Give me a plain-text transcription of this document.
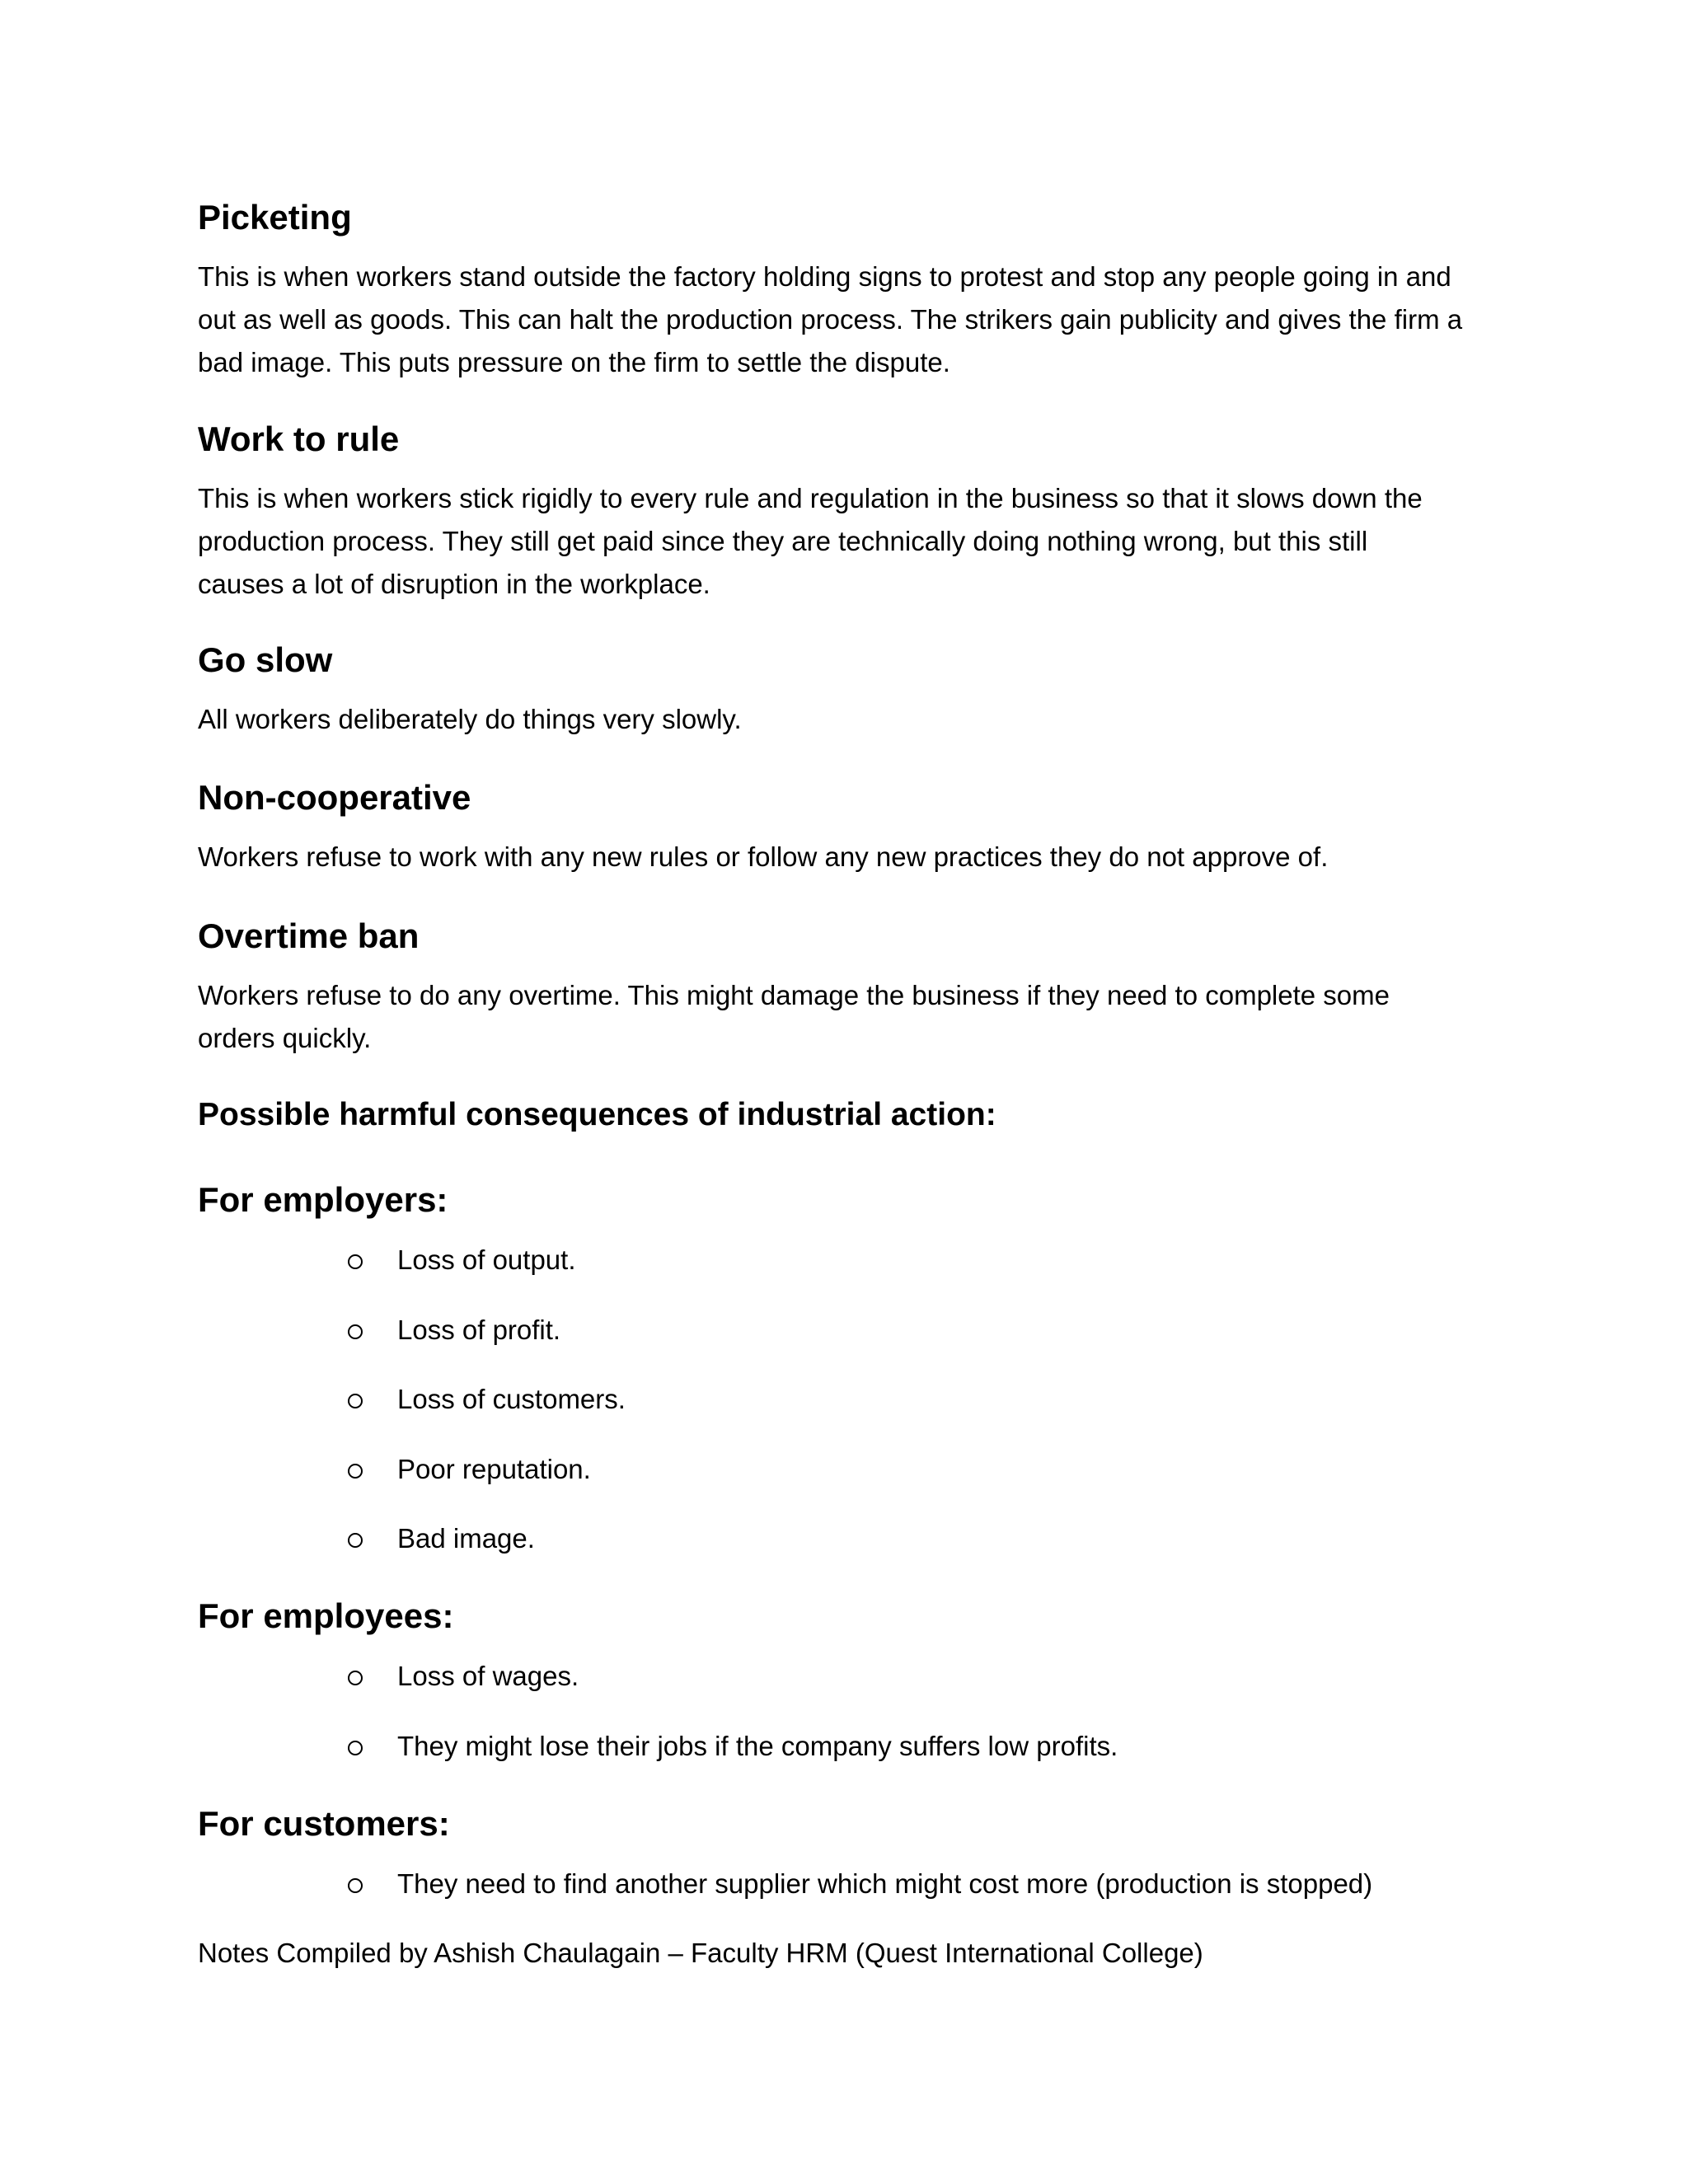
Picketing
This is when workers stand outside the factory holding signs to protest and stop any people going in and
out as well as goods. This can halt the production process. The strikers gain publicity and gives the firm a
bad image. This puts pressure on the firm to settle the dispute.
Work to rule
This is when workers stick rigidly to every rule and regulation in the business so that it slows down the
production process. They still get paid since they are technically doing nothing wrong, but this still
causes a lot of disruption in the workplace.
Go slow
All workers deliberately do things very slowly.
Non-cooperative
Workers refuse to work with any new rules or follow any new practices they do not approve of.
Overtime ban
Workers refuse to do any overtime. This might damage the business if they need to complete some
orders quickly.
Possible harmful consequences of industrial action:
For employers:
Loss of output.
Loss of profit.
Loss of customers.
Poor reputation.
Bad image.
For employees:
Loss of wages.
They might lose their jobs if the company suffers low profits.
For customers:
They need to find another supplier which might cost more (production is stopped)
Notes Compiled by Ashish Chaulagain – Faculty HRM (Quest International College)
